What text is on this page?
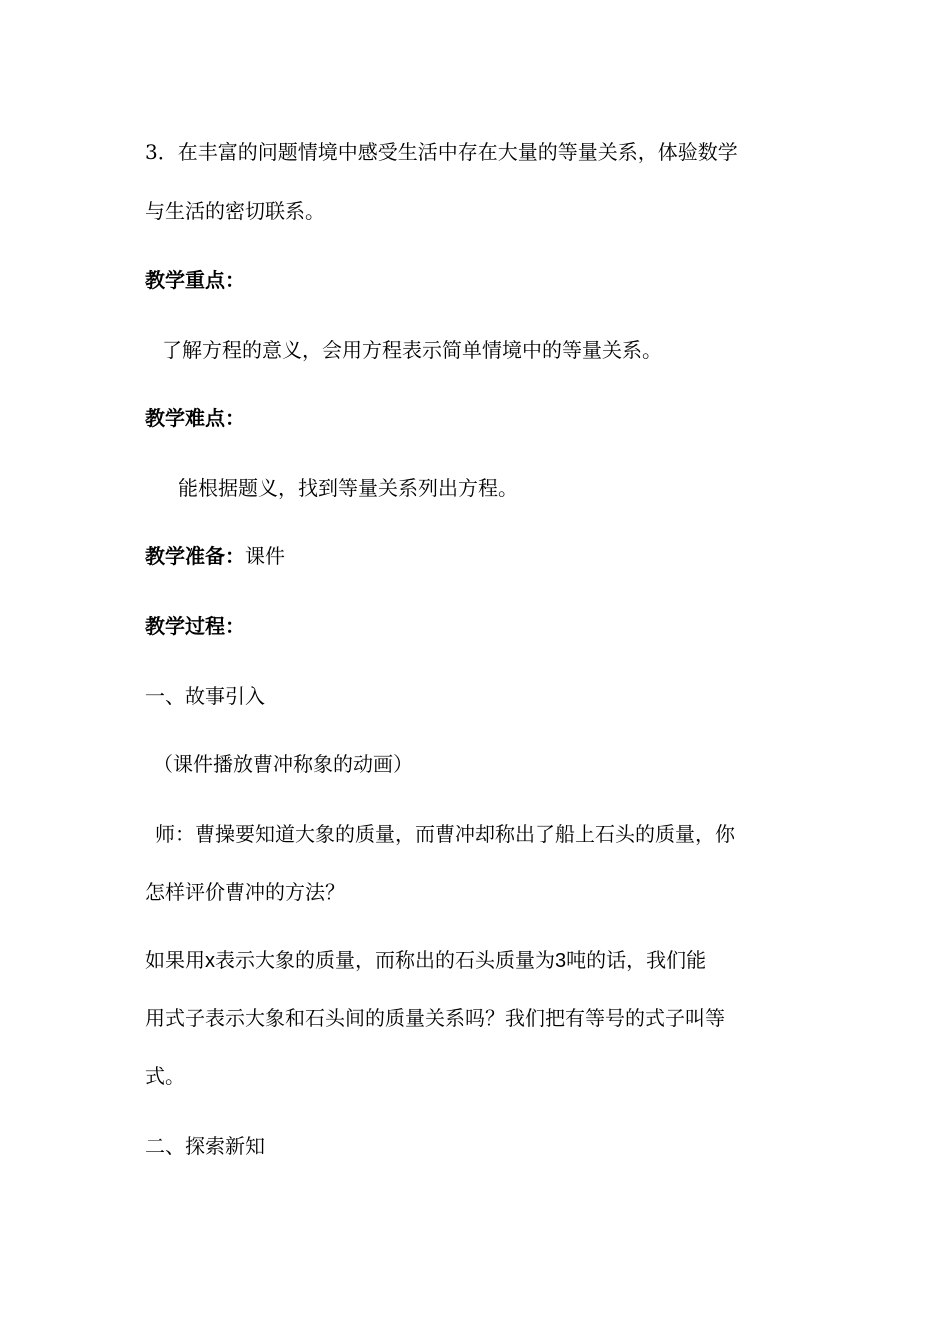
3．在丰富的问题情境中感受生活中存在大量的等量关系，体验数学
与生活的密切联系。
教学重点：
了解方程的意义，会用方程表示简单情境中的等量关系。
教学难点：
能根据题义，找到等量关系列出方程。
教学准备：课件
教学过程：
一、故事引入
（课件播放曹冲称象的动画）
师：曹操要知道大象的质量，而曹冲却称出了船上石头的质量，你
怎样评价曹冲的方法？
如果用x表示大象的质量，而称出的石头质量为3吨的话，我们能
用式子表示大象和石头间的质量关系吗？我们把有等号的式子叫等
式。
二、探索新知
